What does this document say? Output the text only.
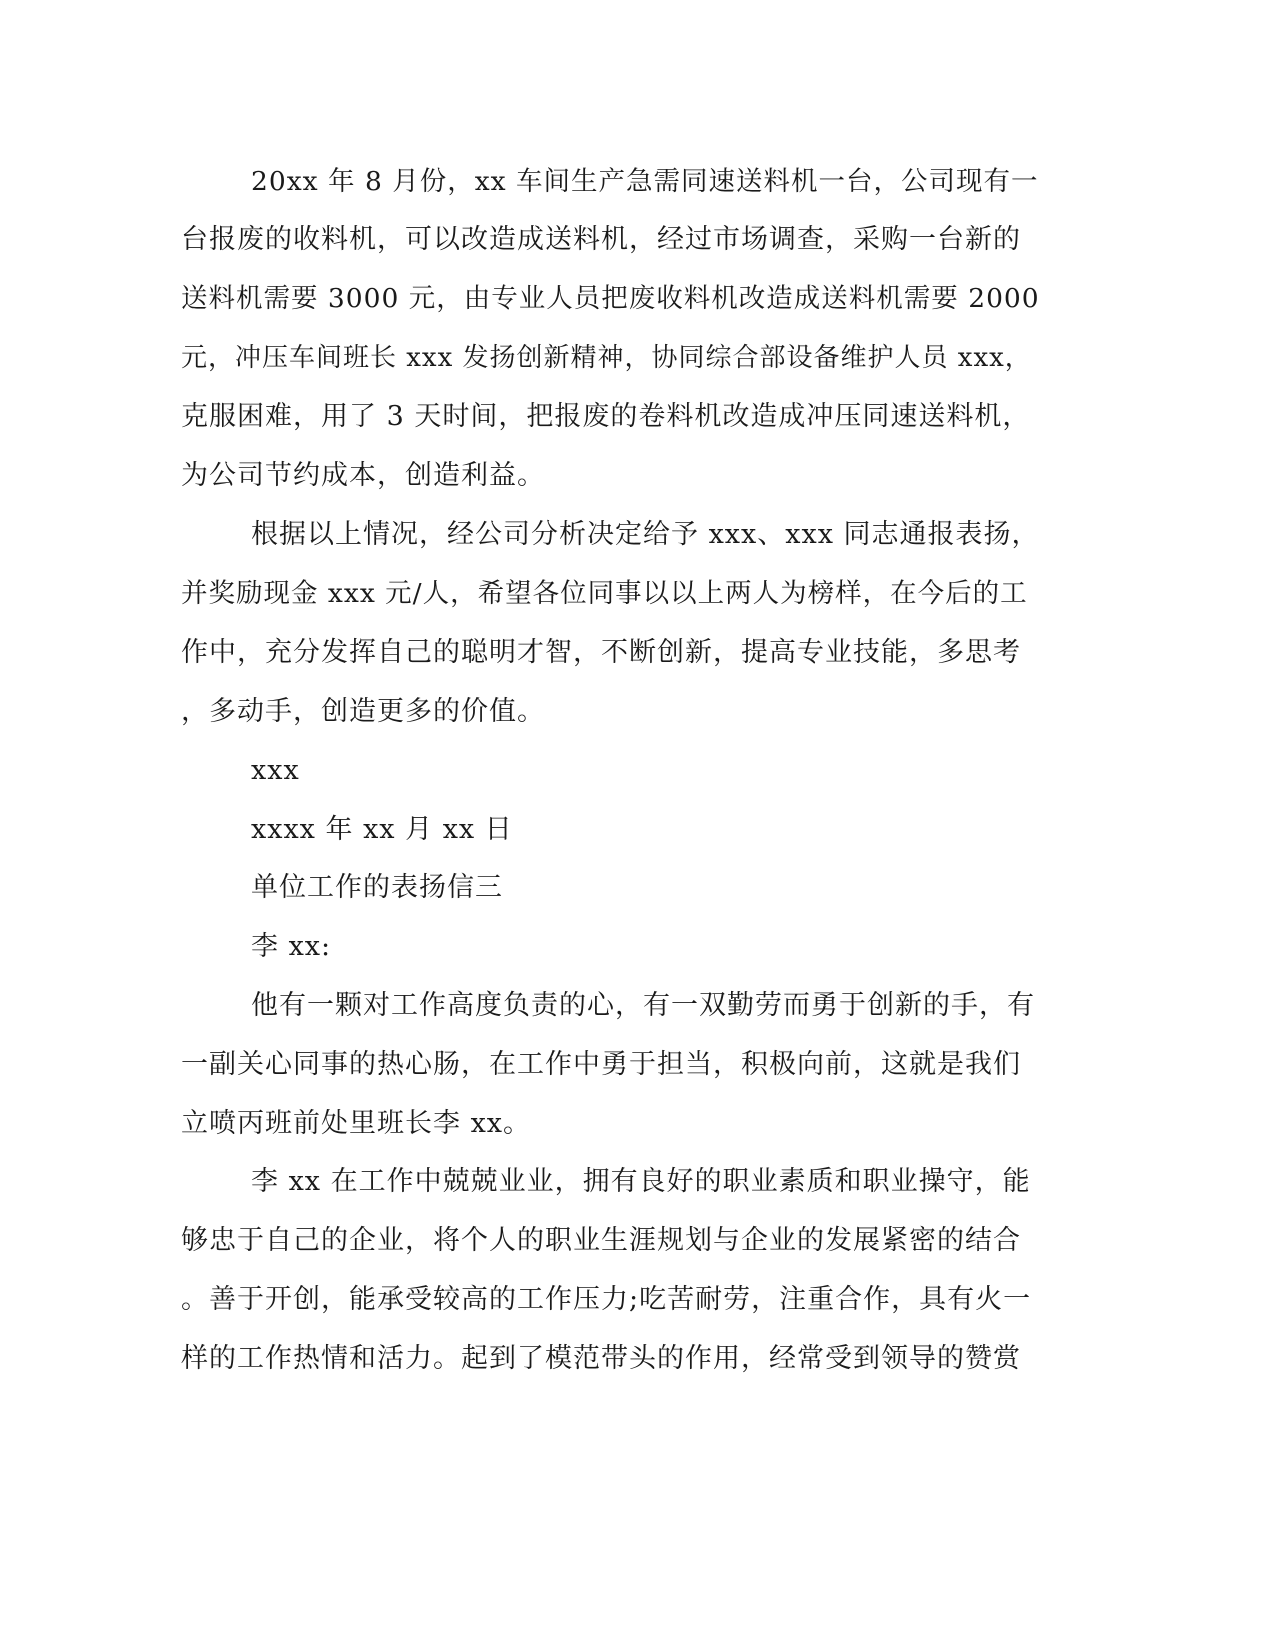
20xx 年 8 月份，xx 车间生产急需同速送料机一台，公司现有一
台报废的收料机，可以改造成送料机，经过市场调查，采购一台新的
送料机需要 3000 元，由专业人员把废收料机改造成送料机需要 2000
元，冲压车间班长 xxx 发扬创新精神，协同综合部设备维护人员 xxx，
克服困难，用了 3 天时间，把报废的卷料机改造成冲压同速送料机，
为公司节约成本，创造利益。
根据以上情况，经公司分析决定给予 xxx、xxx 同志通报表扬，
并奖励现金 xxx 元/人，希望各位同事以以上两人为榜样，在今后的工
作中，充分发挥自己的聪明才智，不断创新，提高专业技能，多思考
，多动手，创造更多的价值。
xxx
xxxx 年 xx 月 xx 日
单位工作的表扬信三
李 xx:
他有一颗对工作高度负责的心，有一双勤劳而勇于创新的手，有
一副关心同事的热心肠，在工作中勇于担当，积极向前，这就是我们
立喷丙班前处里班长李 xx。
李 xx 在工作中兢兢业业，拥有良好的职业素质和职业操守，能
够忠于自己的企业，将个人的职业生涯规划与企业的发展紧密的结合
。善于开创，能承受较高的工作压力;吃苦耐劳，注重合作，具有火一
样的工作热情和活力。起到了模范带头的作用，经常受到领导的赞赏
